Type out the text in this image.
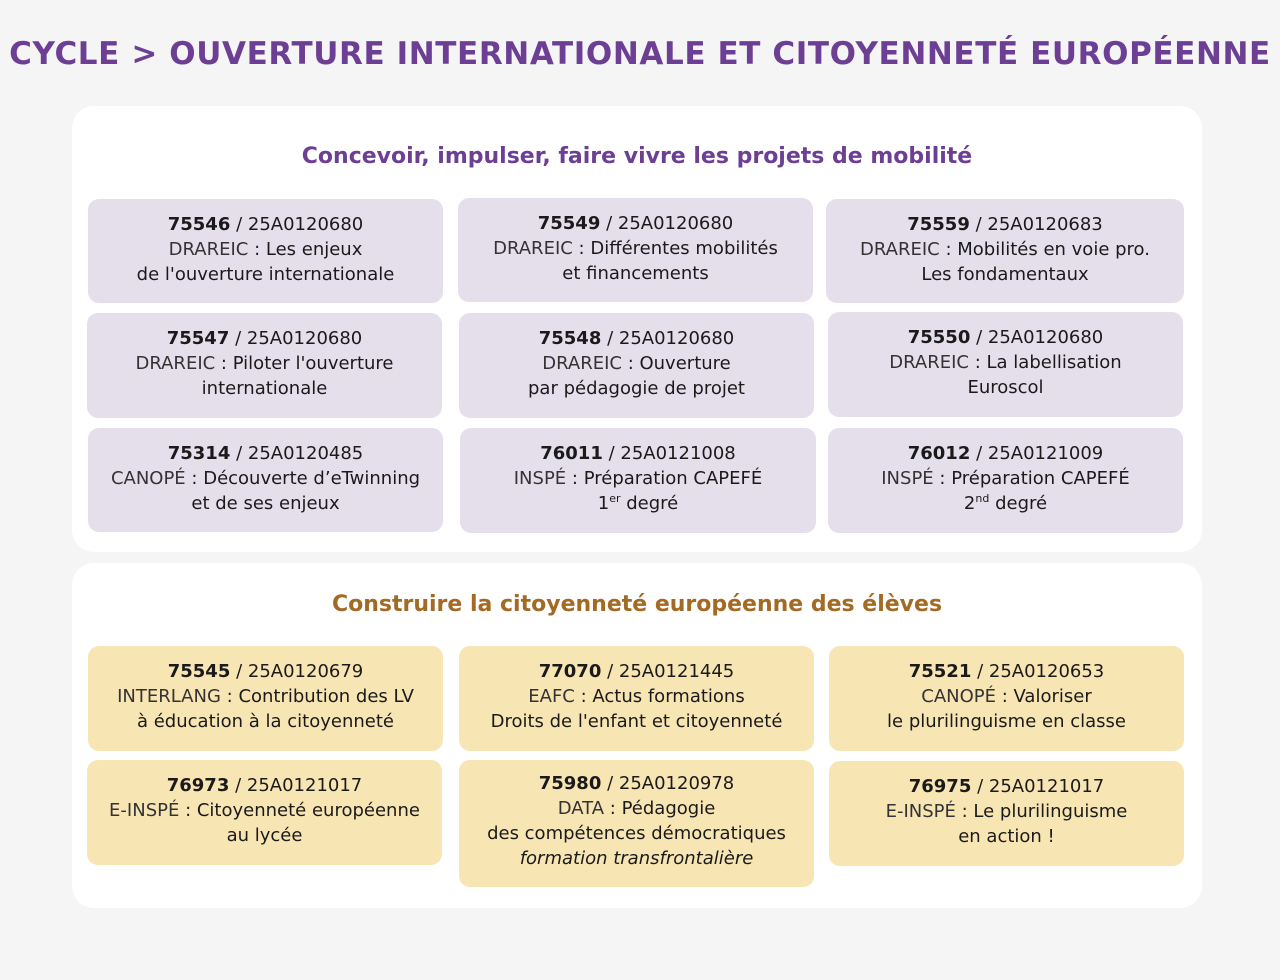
CYCLE > OUVERTURE INTERNATIONALE ET CITOYENNETÉ EUROPÉENNE
Concevoir, impulser, faire vivre les projets de mobilité
75546 / 25A0120680
DRAREIC : Les enjeux
de l'ouverture internationale
75549 / 25A0120680
DRAREIC : Différentes mobilités
et financements
75559 / 25A0120683
DRAREIC : Mobilités en voie pro.
Les fondamentaux
75547 / 25A0120680
DRAREIC : Piloter l'ouverture
internationale
75548 / 25A0120680
DRAREIC : Ouverture
par pédagogie de projet
75550 / 25A0120680
DRAREIC : La labellisation
Euroscol
75314 / 25A0120485
CANOPÉ : Découverte d’eTwinning
et de ses enjeux
76011 / 25A0121008
INSPÉ : Préparation CAPEFÉ
1er degré
76012 / 25A0121009
INSPÉ : Préparation CAPEFÉ
2nd degré
Construire la citoyenneté européenne des élèves
75545 / 25A0120679
INTERLANG : Contribution des LV
à éducation à la citoyenneté
77070 / 25A0121445
EAFC : Actus formations
Droits de l'enfant et citoyenneté
75521 / 25A0120653
CANOPÉ : Valoriser
le plurilinguisme en classe
76973 / 25A0121017
E-INSPÉ : Citoyenneté européenne
au lycée
75980 / 25A0120978
DATA : Pédagogie
des compétences démocratiques
formation transfrontalière
76975 / 25A0121017
E-INSPÉ : Le plurilinguisme
en action !
